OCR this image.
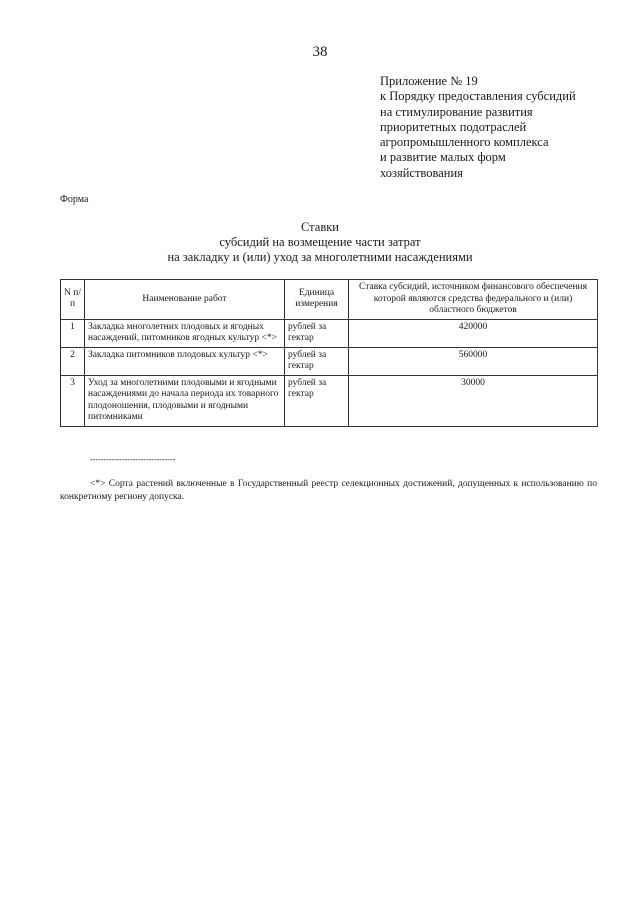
38
Приложение № 19
к Порядку предоставления субсидий
на стимулирование развития
приоритетных подотраслей
агропромышленного комплекса
и развитие малых форм
хозяйствования
Форма
Ставки
субсидий на возмещение части затрат
на закладку и (или) уход за многолетними насаждениями
N п/п	Наименование работ	Единица измерения	Ставка субсидий, источником финансового обеспечения которой являются средства федерального и (или) областного бюджетов
1	Закладка многолетних плодовых и ягодных насаждений, питомников ягодных культур <*>	рублей за гектар	420000
2	Закладка питомников плодовых культур <*>	рублей за гектар	560000
3	Уход за многолетними плодовыми и ягодными насаждениями до начала периода их товарного плодоношения, плодовыми и ягодными питомниками	рублей за гектар	30000
--------------------------------
<*> Сорта растений включенные в Государственный реестр селекционных достижений, допущенных к использованию по конкретному региону допуска.
